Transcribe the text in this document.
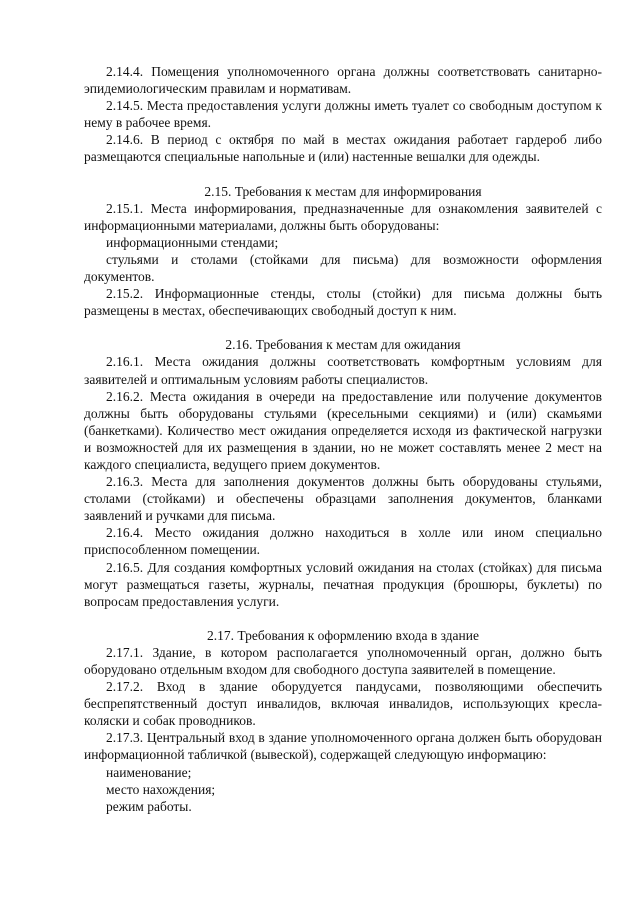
2.14.4. Помещения уполномоченного органа должны соответствовать санитарно-эпидемиологическим правилам и нормативам.

2.14.5. Места предоставления услуги должны иметь туалет со свободным доступом к нему в рабочее время.

2.14.6. В период с октября по май в местах ожидания работает гардероб либо размещаются специальные напольные и (или) настенные вешалки для одежды.

2.15. Требования к местам для информирования

2.15.1. Места информирования, предназначенные для ознакомления заявителей с информационными материалами, должны быть оборудованы:

информационными стендами;

стульями и столами (стойками для письма) для возможности оформления документов.

2.15.2. Информационные стенды, столы (стойки) для письма должны быть размещены в местах, обеспечивающих свободный доступ к ним.

2.16. Требования к местам для ожидания

2.16.1. Места ожидания должны соответствовать комфортным условиям для заявителей и оптимальным условиям работы специалистов.

2.16.2. Места ожидания в очереди на предоставление или получение документов должны быть оборудованы стульями (кресельными секциями) и (или) скамьями (банкетками). Количество мест ожидания определяется исходя из фактической нагрузки и возможностей для их размещения в здании, но не может составлять менее 2 мест на каждого специалиста, ведущего прием документов.

2.16.3. Места для заполнения документов должны быть оборудованы стульями, столами (стойками) и обеспечены образцами заполнения документов, бланками заявлений и ручками для письма.

2.16.4. Место ожидания должно находиться в холле или ином специально приспособленном помещении.

2.16.5. Для создания комфортных условий ожидания на столах (стойках) для письма могут размещаться газеты, журналы, печатная продукция (брошюры, буклеты) по вопросам предоставления услуги.

2.17. Требования к оформлению входа в здание

2.17.1. Здание, в котором располагается уполномоченный орган, должно быть оборудовано отдельным входом для свободного доступа заявителей в помещение.

2.17.2. Вход в здание оборудуется пандусами, позволяющими обеспечить беспрепятственный доступ инвалидов, включая инвалидов, использующих кресла-коляски и собак проводников.

2.17.3. Центральный вход в здание уполномоченного органа должен быть оборудован информационной табличкой (вывеской), содержащей следующую информацию:

наименование;

место нахождения;

режим работы.
